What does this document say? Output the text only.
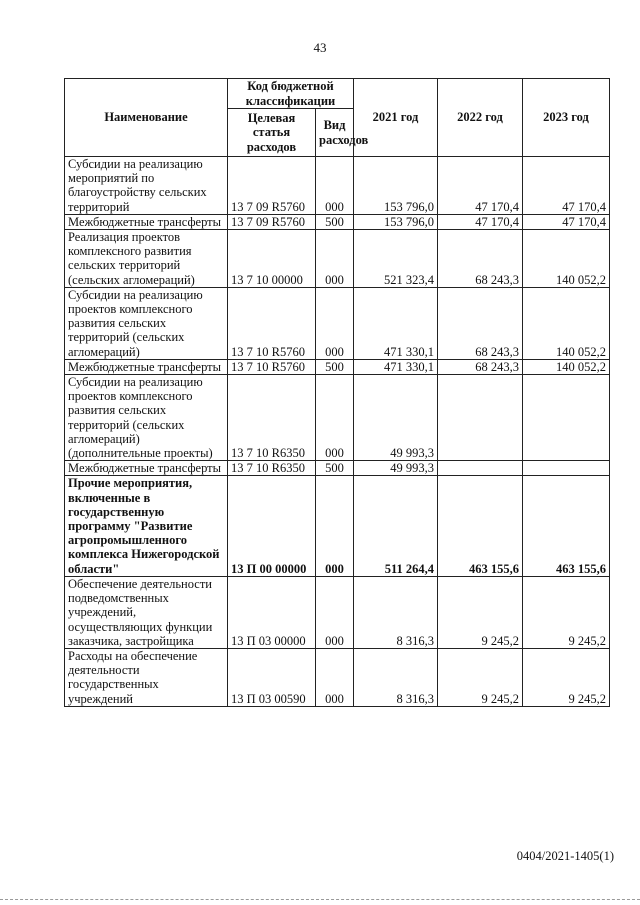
43
Наименование	Код бюджетной классификации		2021 год	2022 год	2023 год
	Целевая статья расходов	Вид расходов			
Субсидии на реализацию мероприятий по благоустройству сельских территорий	13 7 09 R5760	000	153 796,0	47 170,4	47 170,4
Межбюджетные трансферты	13 7 09 R5760	500	153 796,0	47 170,4	47 170,4
Реализация проектов комплексного развития сельских территорий (сельских агломераций)	13 7 10 00000	000	521 323,4	68 243,3	140 052,2
Субсидии на реализацию проектов комплексного развития сельских территорий (сельских агломераций)	13 7 10 R5760	000	471 330,1	68 243,3	140 052,2
Межбюджетные трансферты	13 7 10 R5760	500	471 330,1	68 243,3	140 052,2
Субсидии на реализацию проектов комплексного развития сельских территорий (сельских агломераций) (дополнительные проекты)	13 7 10 R6350	000	49 993,3		
Межбюджетные трансферты	13 7 10 R6350	500	49 993,3		
Прочие мероприятия, включенные в государственную программу "Развитие агропромышленного комплекса Нижегородской области"	13 П 00 00000	000	511 264,4	463 155,6	463 155,6
Обеспечение деятельности подведомственных учреждений, осуществляющих функции заказчика, застройщика	13 П 03 00000	000	8 316,3	9 245,2	9 245,2
Расходы на обеспечение деятельности государственных учреждений	13 П 03 00590	000	8 316,3	9 245,2	9 245,2
0404/2021-1405(1)
